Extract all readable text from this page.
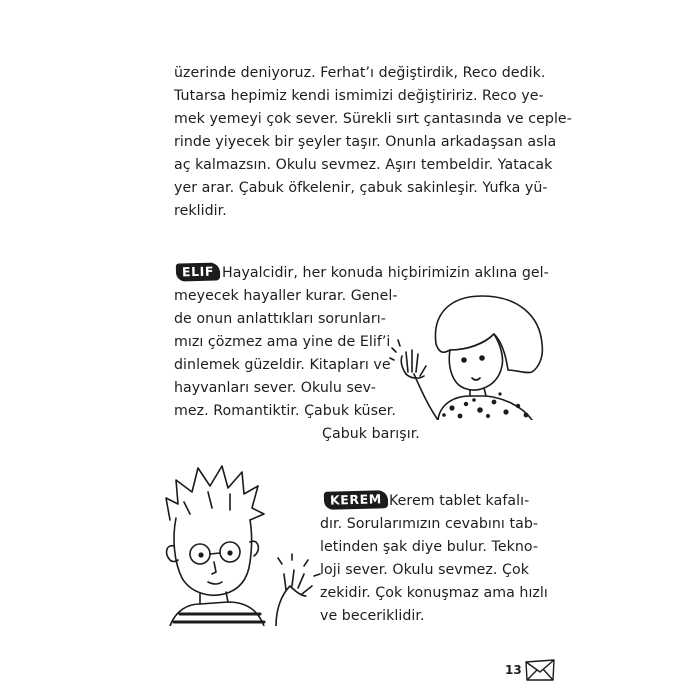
üzerinde deniyoruz. Ferhat’ı değiştirdik, Reco dedik.
Tutarsa hepimiz kendi ismimizi değiştiririz. Reco ye-
mek yemeyi çok sever. Sürekli sırt çantasında ve ceple-
rinde yiyecek bir şeyler taşır. Onunla arkadaşsan asla
aç kalmazsın. Okulu sevmez. Aşırı tembeldir. Yatacak
yer arar. Çabuk öfkelenir, çabuk sakinleşir. Yufka yü-
reklidir.
ELIF Hayalcidir, her konuda hiçbirimizin aklına gel-
meyecek hayaller kurar. Genel-
de onun anlattıkları sorunları-
mızı çözmez ama yine de Elif’i
dinlemek güzeldir. Kitapları ve
hayvanları sever. Okulu sev-
mez. Romantiktir. Çabuk küser.
Çabuk barışır.
KEREM Kerem tablet kafalı-
dır. Sorularımızın cevabını tab-
letinden şak diye bulur. Tekno-
loji sever. Okulu sevmez. Çok
zekidir. Çok konuşmaz ama hızlı
ve beceriklidir.
13
